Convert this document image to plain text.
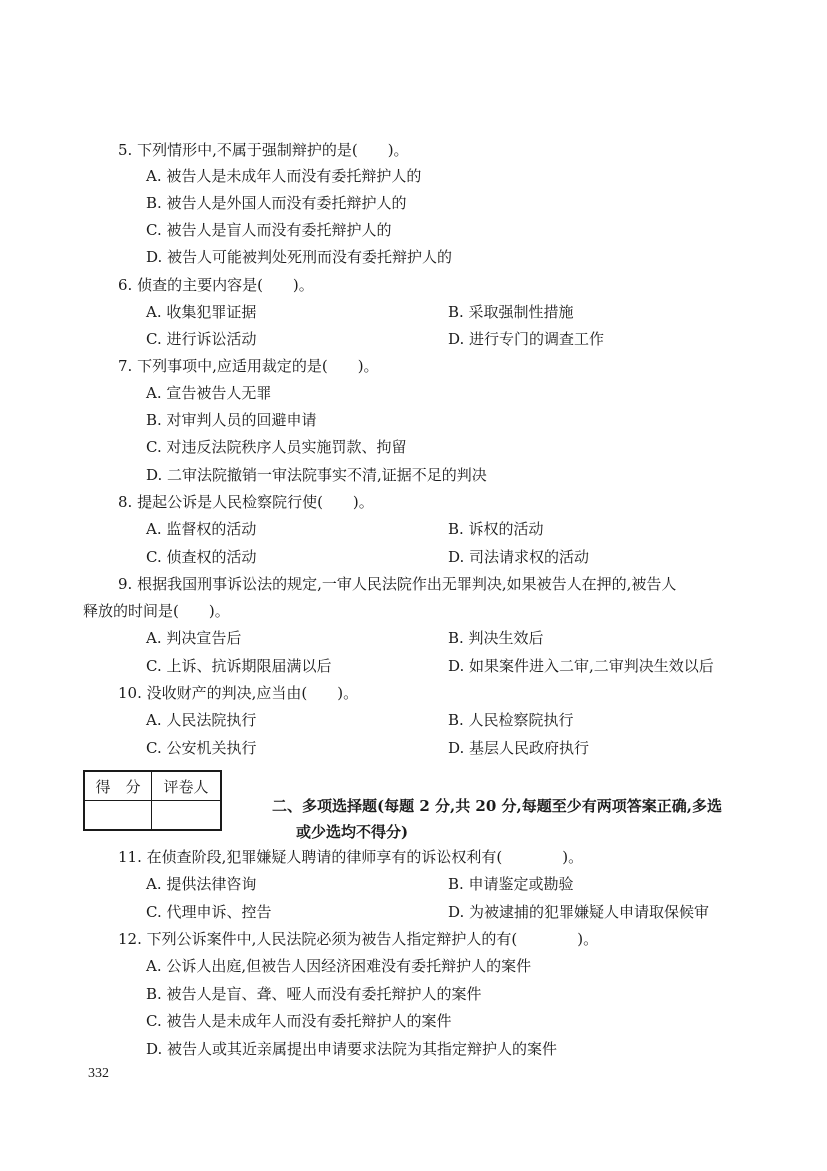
5. 下列情形中,不属于强制辩护的是(　　)。
A. 被告人是未成年人而没有委托辩护人的
B. 被告人是外国人而没有委托辩护人的
C. 被告人是盲人而没有委托辩护人的
D. 被告人可能被判处死刑而没有委托辩护人的
6. 侦查的主要内容是(　　)。
A. 收集犯罪证据	B. 采取强制性措施
C. 进行诉讼活动	D. 进行专门的调查工作
7. 下列事项中,应适用裁定的是(　　)。
A. 宣告被告人无罪
B. 对审判人员的回避申请
C. 对违反法院秩序人员实施罚款、拘留
D. 二审法院撤销一审法院事实不清,证据不足的判决
8. 提起公诉是人民检察院行使(　　)。
A. 监督权的活动	B. 诉权的活动
C. 侦查权的活动	D. 司法请求权的活动
9. 根据我国刑事诉讼法的规定,一审人民法院作出无罪判决,如果被告人在押的,被告人
释放的时间是(　　)。
A. 判决宣告后	B. 判决生效后
C. 上诉、抗诉期限届满以后	D. 如果案件进入二审,二审判决生效以后
10. 没收财产的判决,应当由(　　)。
A. 人民法院执行	B. 人民检察院执行
C. 公安机关执行	D. 基层人民政府执行
得　分	评卷人

二、多项选择题(每题 2 分,共 20 分,每题至少有两项答案正确,多选
或少选均不得分)
11. 在侦查阶段,犯罪嫌疑人聘请的律师享有的诉讼权利有(　　　　)。
A. 提供法律咨询	B. 申请鉴定或勘验
C. 代理申诉、控告	D. 为被逮捕的犯罪嫌疑人申请取保候审
12. 下列公诉案件中,人民法院必须为被告人指定辩护人的有(　　　　)。
A. 公诉人出庭,但被告人因经济困难没有委托辩护人的案件
B. 被告人是盲、聋、哑人而没有委托辩护人的案件
C. 被告人是未成年人而没有委托辩护人的案件
D. 被告人或其近亲属提出申请要求法院为其指定辩护人的案件
332
